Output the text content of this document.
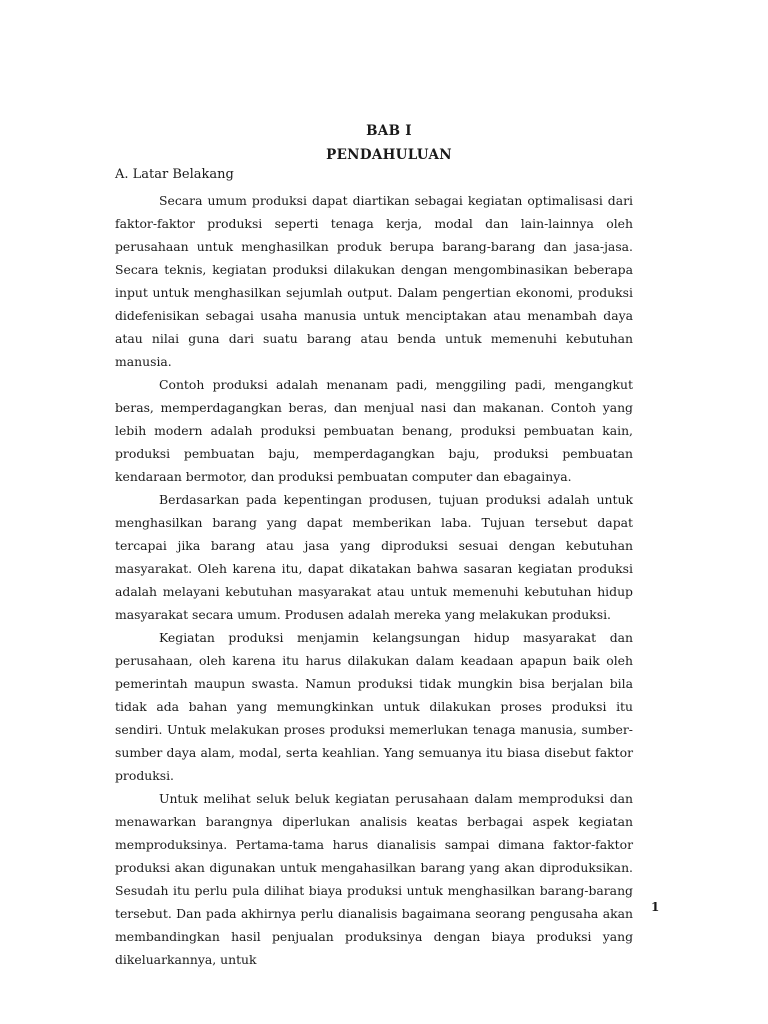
BAB I
PENDAHULUAN
A. Latar Belakang

Secara umum produksi dapat diartikan sebagai kegiatan optimalisasi dari faktor-faktor produksi seperti tenaga kerja, modal dan lain-lainnya oleh perusahaan untuk menghasilkan produk berupa barang-barang dan jasa-jasa. Secara teknis, kegiatan produksi dilakukan dengan mengombinasikan beberapa input untuk menghasilkan sejumlah output. Dalam pengertian ekonomi, produksi didefenisikan sebagai usaha manusia untuk menciptakan atau menambah daya atau nilai guna dari suatu barang atau benda untuk memenuhi kebutuhan manusia.

Contoh produksi adalah menanam padi, menggiling padi, mengangkut beras, memperdagangkan beras, dan menjual nasi dan makanan. Contoh yang lebih modern adalah produksi pembuatan benang, produksi pembuatan kain, produksi pembuatan baju, memperdagangkan baju, produksi pembuatan kendaraan bermotor, dan produksi pembuatan computer dan ebagainya.

Berdasarkan pada kepentingan produsen, tujuan produksi adalah untuk menghasilkan barang yang dapat memberikan laba. Tujuan tersebut dapat tercapai jika barang atau jasa yang diproduksi sesuai dengan kebutuhan masyarakat. Oleh karena itu, dapat dikatakan bahwa sasaran kegiatan produksi adalah melayani kebutuhan masyarakat atau untuk memenuhi kebutuhan hidup masyarakat secara umum. Produsen adalah mereka yang melakukan produksi.

Kegiatan produksi menjamin kelangsungan hidup masyarakat dan perusahaan, oleh karena itu harus dilakukan dalam keadaan apapun baik oleh pemerintah maupun swasta. Namun produksi tidak mungkin bisa berjalan bila tidak ada bahan yang memungkinkan untuk dilakukan proses produksi itu sendiri. Untuk melakukan proses produksi memerlukan tenaga manusia, sumber-sumber daya alam, modal, serta keahlian. Yang semuanya itu biasa disebut faktor produksi.

Untuk melihat seluk beluk kegiatan perusahaan dalam memproduksi dan menawarkan barangnya diperlukan analisis keatas berbagai aspek kegiatan memproduksinya. Pertama-tama harus dianalisis sampai dimana faktor-faktor produksi akan digunakan untuk mengahasilkan barang yang akan diproduksikan. Sesudah itu perlu pula dilihat biaya produksi untuk menghasilkan barang-barang tersebut. Dan pada akhirnya perlu dianalisis bagaimana seorang pengusaha akan membandingkan hasil penjualan produksinya dengan biaya produksi yang dikeluarkannya, untuk

1
